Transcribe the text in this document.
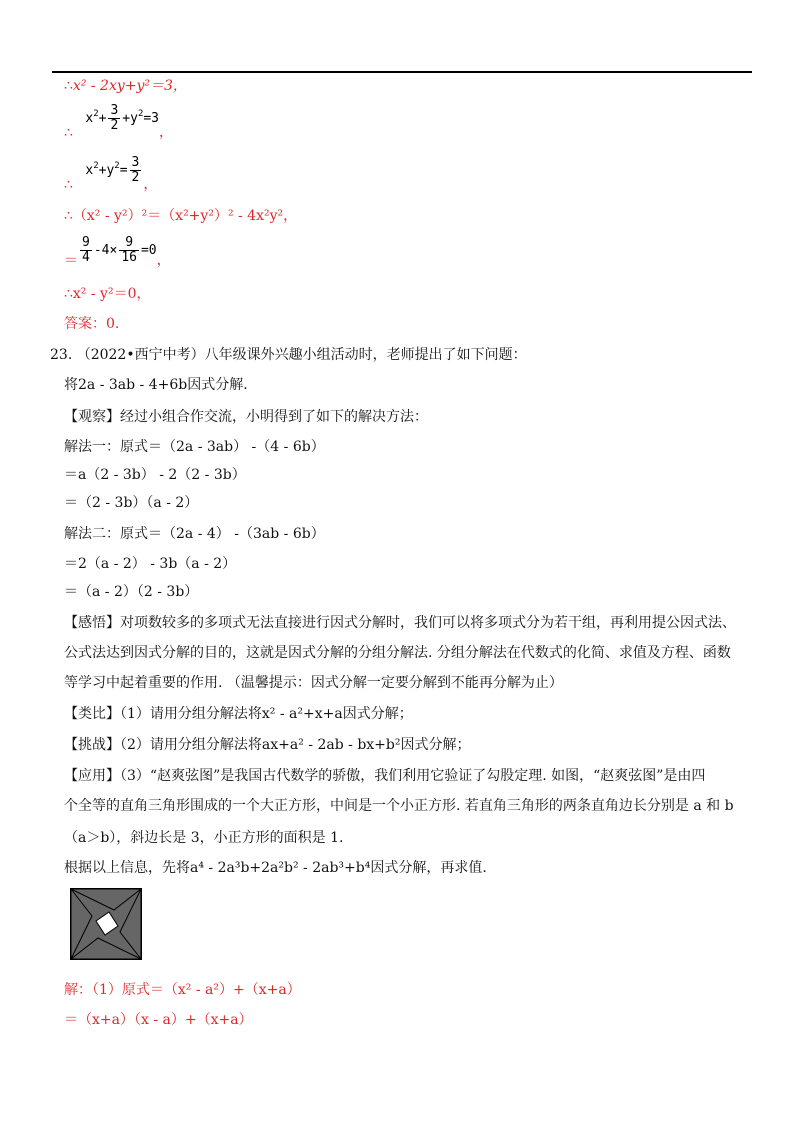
∴x² - 2xy+y²＝3，
∴ $x^2+ \frac{3}{2} +y^2=3$，
∴ $x^2+y^2= \frac{3}{2}$ ，
∴（x² - y²）²＝（x²+y²）² - 4x²y²，
＝ $\frac{9}{4} -4\times \frac{9}{16} =0$，
∴x² - y²＝0，
答案：0.
23. （2022•西宁中考）八年级课外兴趣小组活动时，老师提出了如下问题：
将2a - 3ab - 4+6b因式分解.
【观察】经过小组合作交流，小明得到了如下的解决方法：
解法一：原式＝（2a - 3ab） -（4 - 6b）
＝a（2 - 3b） - 2（2 - 3b）
＝（2 - 3b）（a - 2）
解法二：原式＝（2a - 4） -（3ab - 6b）
＝2（a - 2） - 3b（a - 2）
＝（a - 2）（2 - 3b）
【感悟】对项数较多的多项式无法直接进行因式分解时，我们可以将多项式分为若干组，再利用提公因式法、
公式法达到因式分解的目的，这就是因式分解的分组分解法. 分组分解法在代数式的化简、求值及方程、函数
等学习中起着重要的作用. （温馨提示：因式分解一定要分解到不能再分解为止）
【类比】（1）请用分组分解法将x² - a²+x+a因式分解；
【挑战】（2）请用分组分解法将ax+a² - 2ab - bx+b²因式分解；
【应用】（3）“赵爽弦图”是我国古代数学的骄傲，我们利用它验证了勾股定理. 如图，“赵爽弦图”是由四
个全等的直角三角形围成的一个大正方形，中间是一个小正方形. 若直角三角形的两条直角边长分别是 a 和 b
（a＞b），斜边长是 3，小正方形的面积是 1.
根据以上信息，先将a⁴ - 2a³b+2a²b² - 2ab³+b⁴因式分解，再求值.
解：（1）原式＝（x² - a²）+（x+a）
＝（x+a）（x - a）+（x+a）
